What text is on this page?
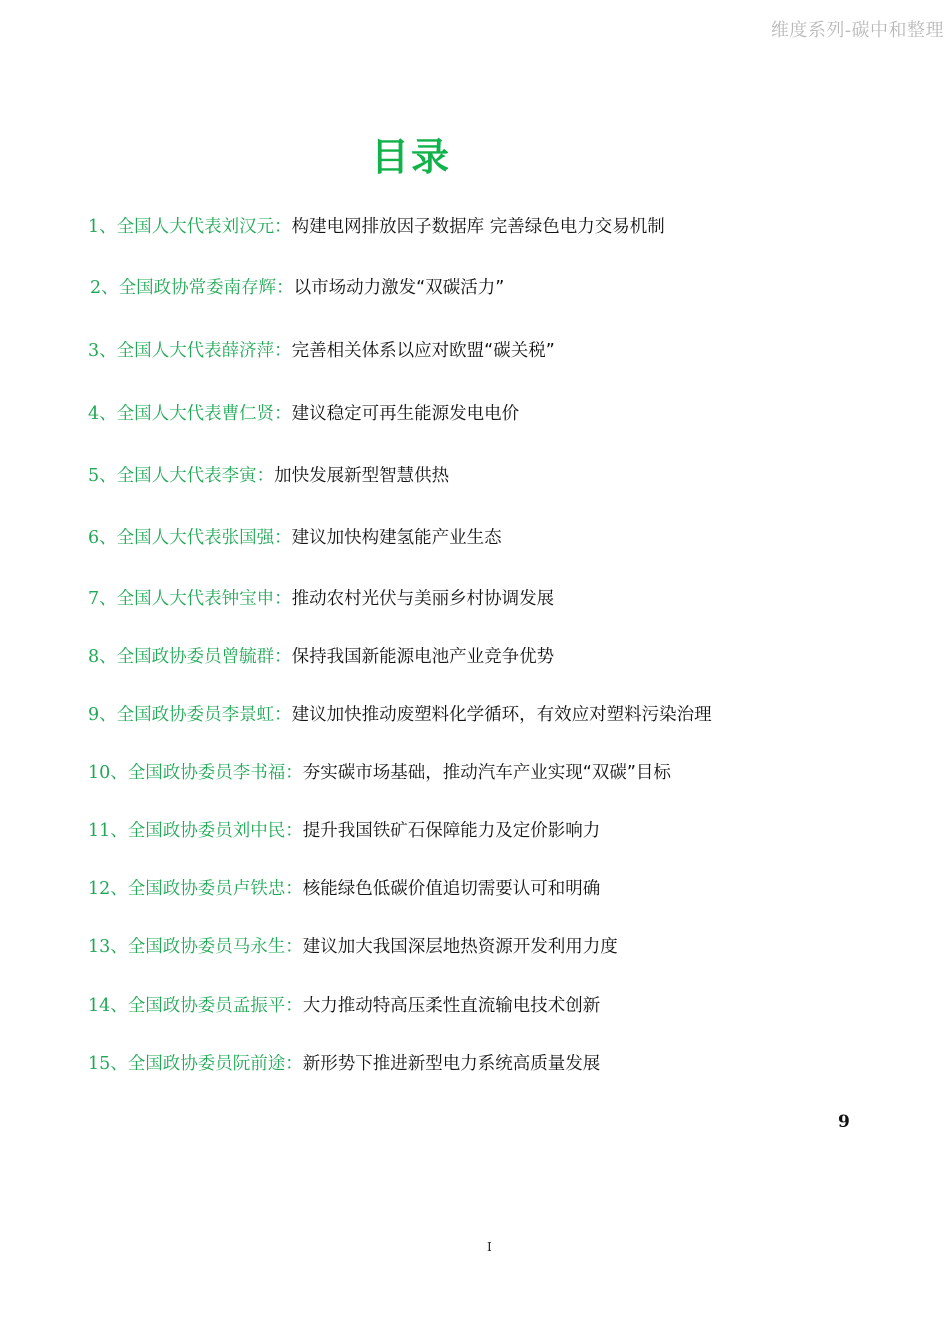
维度系列-碳中和整理
目录
1、全国人大代表刘汉元：构建电网排放因子数据库 完善绿色电力交易机制
2、全国政协常委南存辉：以市场动力激发“双碳活力”
3、全国人大代表薛济萍：完善相关体系以应对欧盟“碳关税”
4、全国人大代表曹仁贤：建议稳定可再生能源发电电价
5、全国人大代表李寅：加快发展新型智慧供热
6、全国人大代表张国强：建议加快构建氢能产业生态
7、全国人大代表钟宝申：推动农村光伏与美丽乡村协调发展
8、全国政协委员曾毓群：保持我国新能源电池产业竞争优势
9、全国政协委员李景虹：建议加快推动废塑料化学循环，有效应对塑料污染治理
10、全国政协委员李书福：夯实碳市场基础，推动汽车产业实现“双碳”目标
11、全国政协委员刘中民：提升我国铁矿石保障能力及定价影响力
12、全国政协委员卢铁忠：核能绿色低碳价值追切需要认可和明确
13、全国政协委员马永生：建议加大我国深层地热资源开发利用力度
14、全国政协委员孟振平：大力推动特高压柔性直流输电技术创新
15、全国政协委员阮前途：新形势下推进新型电力系统高质量发展
9
I
